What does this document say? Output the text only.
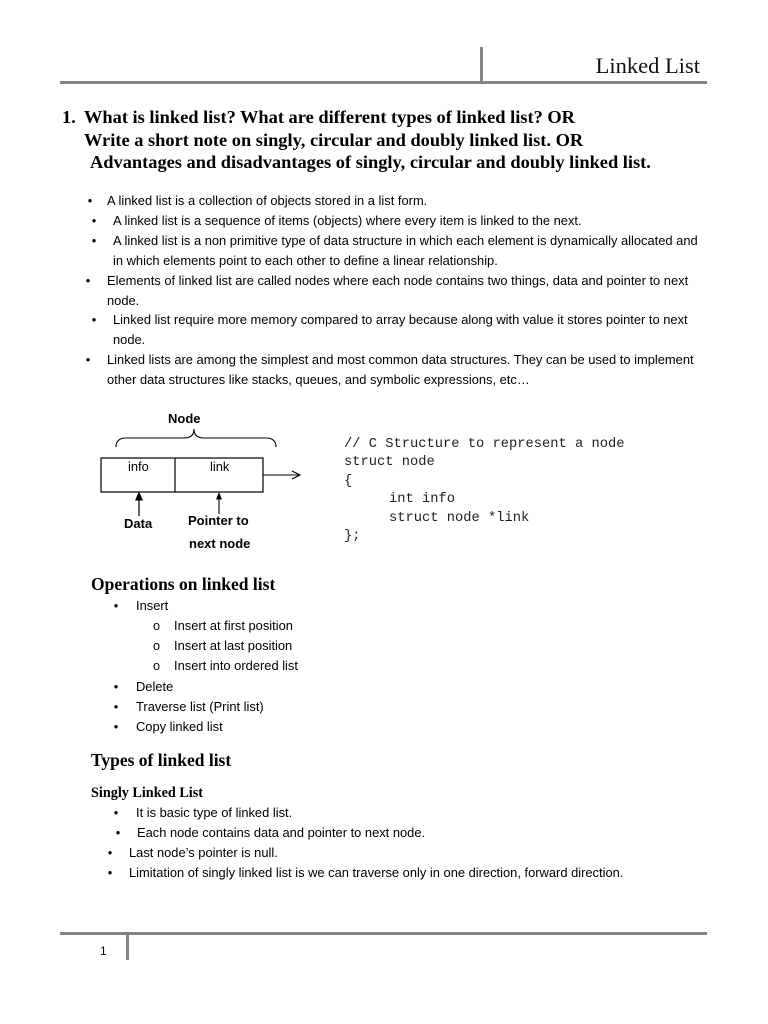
Linked List
1. What is linked list? What are different types of linked list? OR
Write a short note on singly, circular and doubly linked list. OR
Advantages and disadvantages of singly, circular and doubly linked list.
• A linked list is a collection of objects stored in a list form.
• A linked list is a sequence of items (objects) where every item is linked to the next.
• A linked list is a non primitive type of data structure in which each element is dynamically allocated and
in which elements point to each other to define a linear relationship.
• Elements of linked list are called nodes where each node contains two things, data and pointer to next
node.
• Linked list require more memory compared to array because along with value it stores pointer to next
node.
• Linked lists are among the simplest and most common data structures. They can be used to implement
other data structures like stacks, queues, and symbolic expressions, etc…
Node
info	link
Data	Pointer to
next node
// C Structure to represent a node
struct node
{
int info
struct node *link
};
Operations on linked list
• Insert
o Insert at first position
o Insert at last position
o Insert into ordered list
• Delete
• Traverse list (Print list)
• Copy linked list
Types of linked list
Singly Linked List
• It is basic type of linked list.
• Each node contains data and pointer to next node.
• Last node’s pointer is null.
• Limitation of singly linked list is we can traverse only in one direction, forward direction.
1
